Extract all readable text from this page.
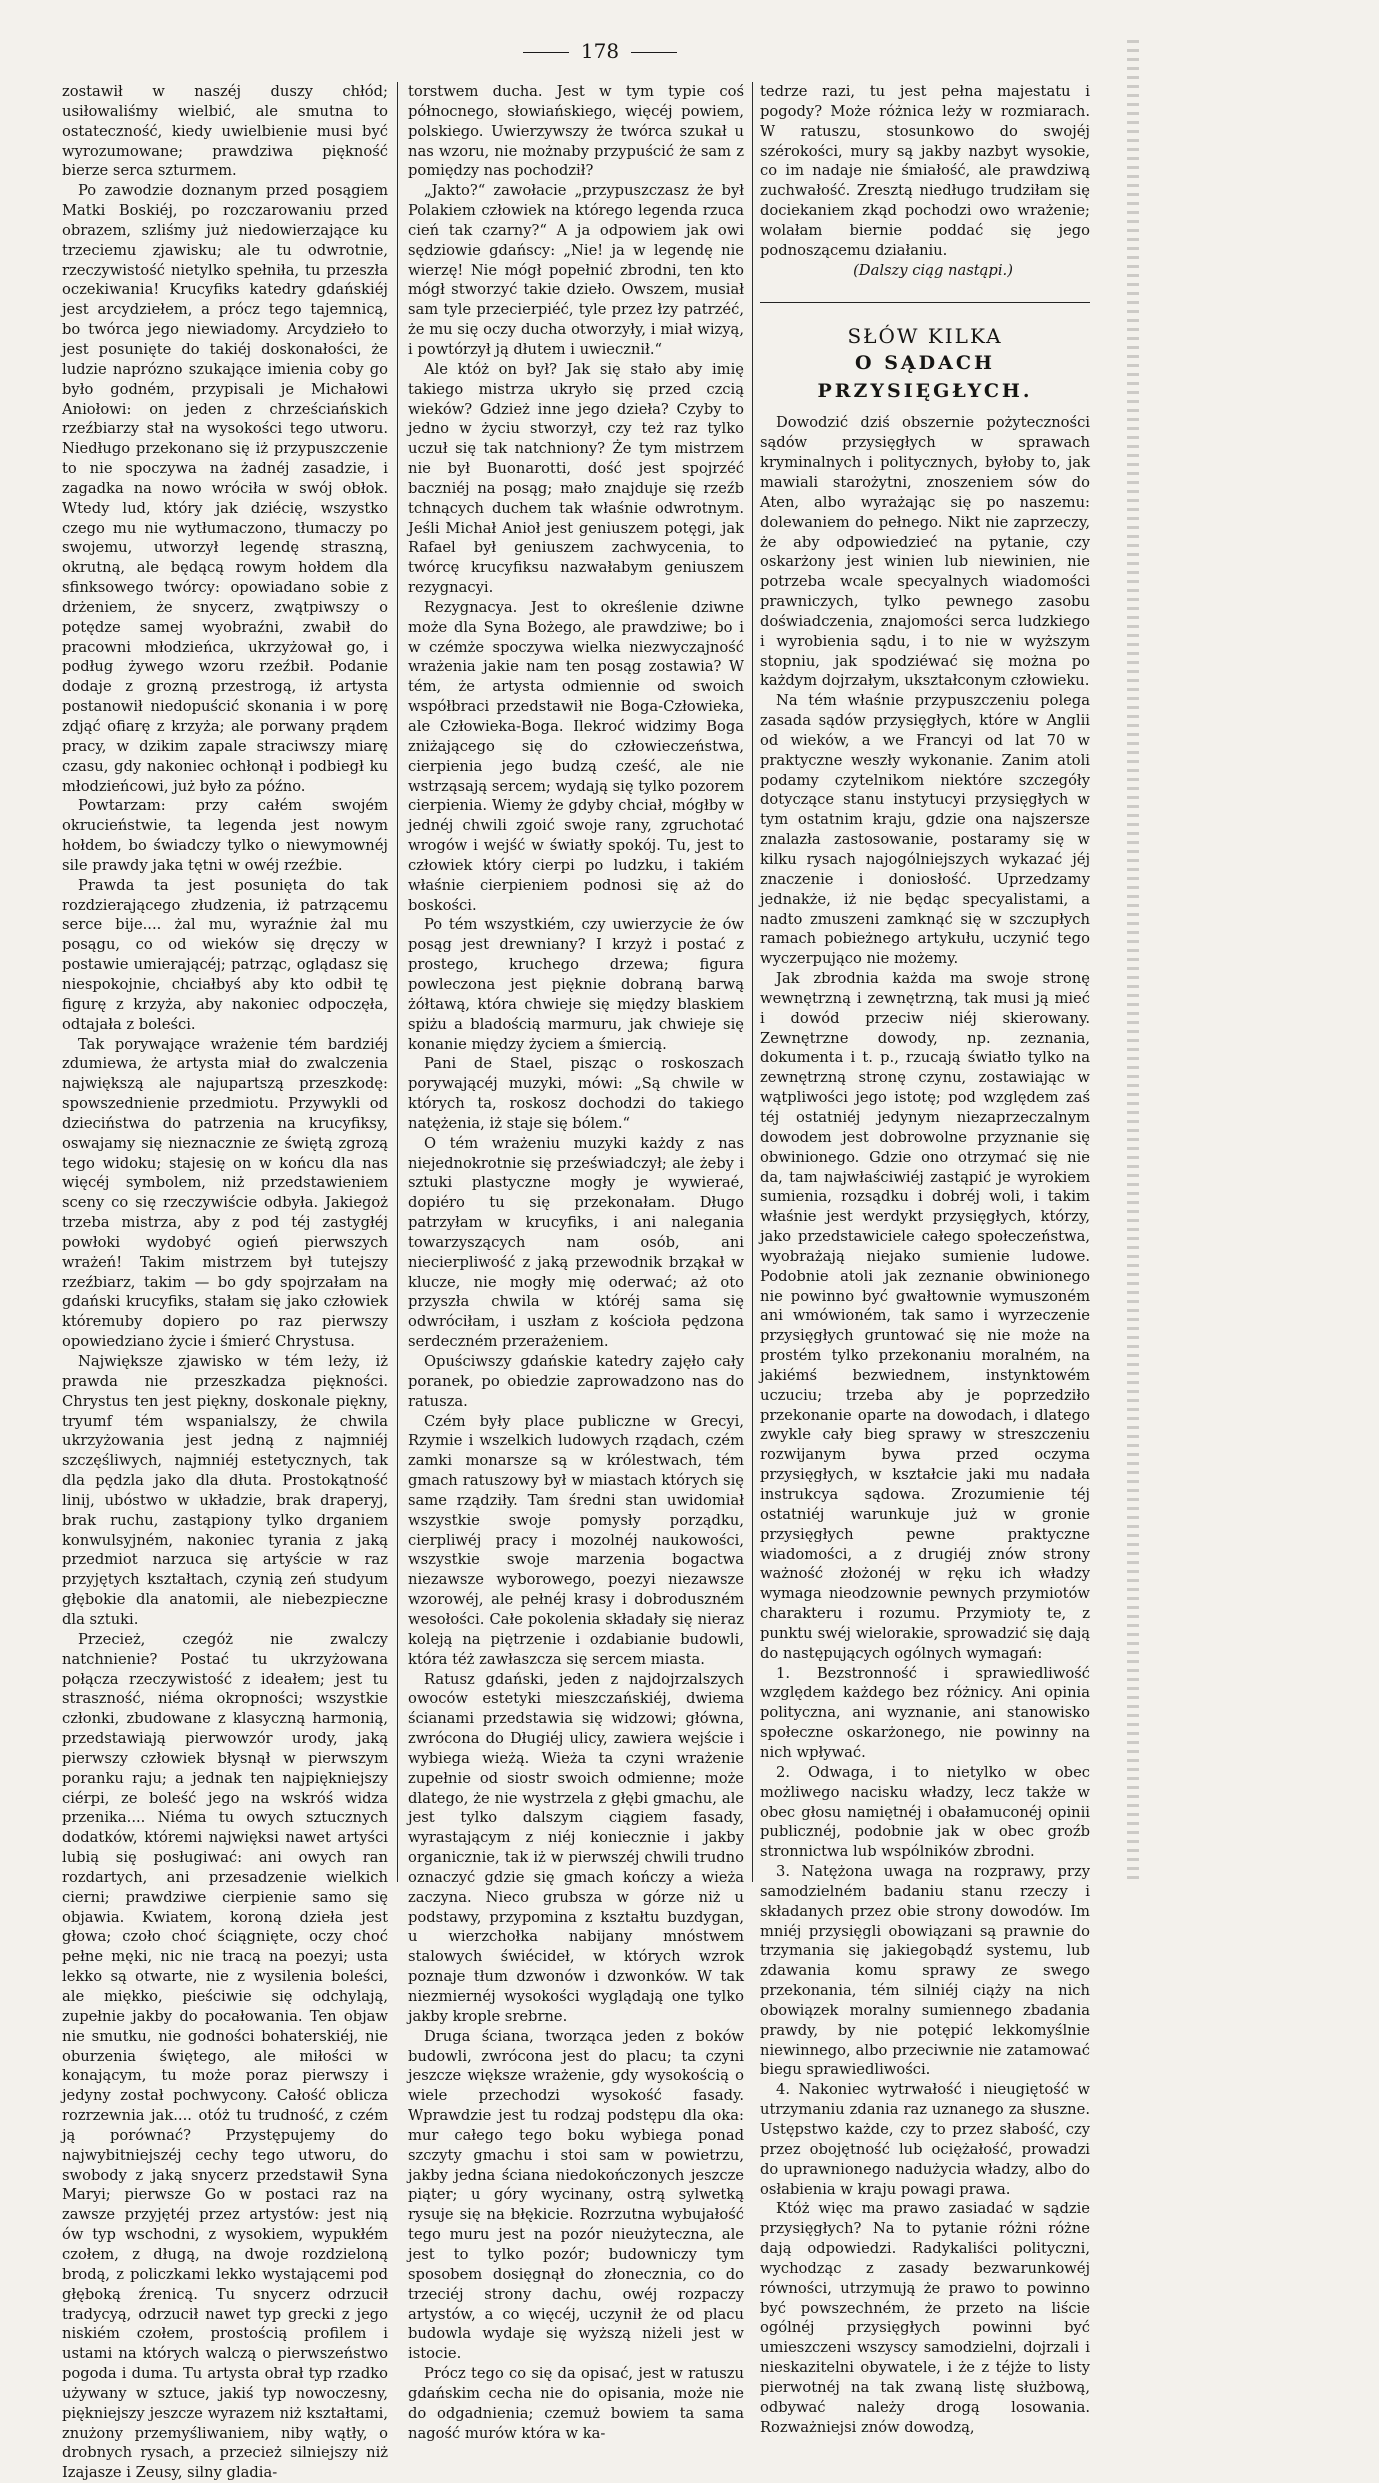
178

zostawił w naszéj duszy chłód; usiłowaliśmy wielbić, ale smutna to ostateczność, kiedy uwielbienie musi być wyrozumowane; prawdziwa piękność bierze serca szturmem.

Po zawodzie doznanym przed posągiem Matki Boskiéj, po rozczarowaniu przed obrazem, szliśmy już niedowierzające ku trzeciemu zjawisku; ale tu odwrotnie, rzeczywistość nietylko spełniła, tu przeszła oczekiwania! Krucyfiks katedry gdańskiéj jest arcydziełem, a prócz tego tajemnicą, bo twórca jego niewiadomy. Arcydzieło to jest posunięte do takiéj doskonałości, że ludzie naprózno szukające imienia coby go było godném, przypisali je Michałowi Aniołowi: on jeden z chrześciańskich rzeźbiarzy stał na wysokości tego utworu. Niedługo przekonano się iż przypuszczenie to nie spoczywa na żadnéj zasadzie, i zagadka na nowo wróciła w swój obłok. Wtedy lud, który jak dziécię, wszystko czego mu nie wytłumaczono, tłumaczy po swojemu, utworzył legendę straszną, okrutną, ale będącą rowym hołdem dla sfinksowego twórcy: opowiadano sobie z drżeniem, że snycerz, zwątpiwszy o potędze samej wyobraźni, zwabił do pracowni młodzieńca, ukrzyżował go, i podług żywego wzoru rzeźbił. Podanie dodaje z grozną przestrogą, iż artysta postanowił niedopuścić skonania i w porę zdjąć ofiarę z krzyża; ale porwany prądem pracy, w dzikim zapale straciwszy miarę czasu, gdy nakoniec ochłonął i podbiegł ku młodzieńcowi, już było za późno.

Powtarzam: przy całém swojém okrucieństwie, ta legenda jest nowym hołdem, bo świadczy tylko o niewymownéj sile prawdy jaka tętni w owéj rzeźbie.

Prawda ta jest posunięta do tak rozdzierającego złudzenia, iż patrzącemu serce bije.... żal mu, wyraźnie żal mu posągu, co od wieków się dręczy w postawie umierającéj; patrząc, oglądasz się niespokojnie, chciałbyś aby kto odbił tę figurę z krzyża, aby nakoniec odpoczęła, odtajała z boleści.

Tak porywające wrażenie tém bardziéj zdumiewa, że artysta miał do zwalczenia największą ale najupartszą przeszkodę: spowszednienie przedmiotu. Przywykli od dzieciństwa do patrzenia na krucyfiksy, oswajamy się nieznacznie ze świętą zgrozą tego widoku; stajesię on w końcu dla nas więcéj symbolem, niż przedstawieniem sceny co się rzeczywiście odbyła. Jakiegoż trzeba mistrza, aby z pod téj zastygłéj powłoki wydobyć ogień pierwszych wrażeń! Takim mistrzem był tutejszy rzeźbiarz, takim — bo gdy spojrzałam na gdański krucyfiks, stałam się jako człowiek któremuby dopiero po raz pierwszy opowiedziano życie i śmierć Chrystusa.

Największe zjawisko w tém leży, iż prawda nie przeszkadza piękności. Chrystus ten jest piękny, doskonale piękny, tryumf tém wspanialszy, że chwila ukrzyżowania jest jedną z najmniéj szczęśliwych, najmniéj estetycznych, tak dla pędzla jako dla dłuta. Prostokątność linij, ubóstwo w układzie, brak draperyj, brak ruchu, zastąpiony tylko drganiem konwulsyjném, nakoniec tyrania z jaką przedmiot narzuca się artyście w raz przyjętych kształtach, czynią zeń studyum głębokie dla anatomii, ale niebezpieczne dla sztuki.

Przecież, czegóż nie zwalczy natchnienie? Postać tu ukrzyżowana połącza rzeczywistość z ideałem; jest tu straszność, niéma okropności; wszystkie członki, zbudowane z klasyczną harmonią, przedstawiają pierwowzór urody, jaką pierwszy człowiek błysnął w pierwszym poranku raju; a jednak ten najpiękniejszy ciérpi, ze boleść jego na wskróś widza przenika.... Niéma tu owych sztucznych dodatków, któremi najwięksi nawet artyści lubią się posługiwać: ani owych ran rozdartych, ani przesadzenie wielkich cierni; prawdziwe cierpienie samo się objawia. Kwiatem, koroną dzieła jest głowa; czoło choć ściągnięte, oczy choć pełne męki, nic nie tracą na poezyi; usta lekko są otwarte, nie z wysilenia boleści, ale miękko, pieściwie się odchylają, zupełnie jakby do pocałowania. Ten objaw nie smutku, nie godności bohaterskiéj, nie oburzenia świętego, ale miłości w konającym, tu może poraz pierwszy i jedyny został pochwycony. Całość oblicza rozrzewnia jak.... otóż tu trudność, z czém ją porównać? Przystępujemy do najwybitniejszéj cechy tego utworu, do swobody z jaką snycerz przedstawił Syna Maryi; pierwsze Go w postaci raz na zawsze przyjętéj przez artystów: jest nią ów typ wschodni, z wysokiem, wypukłém czołem, z długą, na dwoje rozdzieloną brodą, z policzkami lekko wystającemi pod głęboką źrenicą. Tu snycerz odrzucił tradycyą, odrzucił nawet typ grecki z jego niskiém czołem, prostością profilem i ustami na których walczą o pierwszeństwo pogoda i duma. Tu artysta obrał typ rzadko używany w sztuce, jakiś typ nowoczesny, piękniejszy jeszcze wyrazem niż kształtami, znużony przemyśliwaniem, niby wątły, o drobnych rysach, a przecież silniejszy niż Izajasze i Zeusy, silny gladia-

torstwem ducha. Jest w tym typie coś północnego, słowiańskiego, więcéj powiem, polskiego. Uwierzywszy że twórca szukał u nas wzoru, nie możnaby przypuścić że sam z pomiędzy nas pochodził?

„Jakto?“ zawołacie „przypuszczasz że był Polakiem człowiek na którego legenda rzuca cień tak czarny?“ A ja odpowiem jak owi sędziowie gdańscy: „Nie! ja w legendę nie wierzę! Nie mógł popełnić zbrodni, ten kto mógł stworzyć takie dzieło. Owszem, musiał sam tyle przecierpiéć, tyle przez łzy patrzéć, że mu się oczy ducha otworzyły, i miał wizyą, i powtórzył ją dłutem i uwiecznił.“

Ale któż on był? Jak się stało aby imię takiego mistrza ukryło się przed czcią wieków? Gdzież inne jego dzieła? Czyby to jedno w życiu stworzył, czy też raz tylko uczuł się tak natchniony? Że tym mistrzem nie był Buonarotti, dość jest spojrzéć baczniéj na posąg; mało znajduje się rzeźb tchnących duchem tak właśnie odwrotnym. Jeśli Michał Anioł jest geniuszem potęgi, jak Rafael był geniuszem zachwycenia, to twórcę krucyfiksu nazwałabym geniuszem rezygnacyi.

Rezygnacya. Jest to określenie dziwne może dla Syna Bożego, ale prawdziwe; bo i w czémże spoczywa wielka niezwyczajność wrażenia jakie nam ten posąg zostawia? W tém, że artysta odmiennie od swoich współbraci przedstawił nie Boga-Człowieka, ale Człowieka-Boga. Ilekroć widzimy Boga zniżającego się do człowieczeństwa, cierpienia jego budzą cześć, ale nie wstrząsają sercem; wydają się tylko pozorem cierpienia. Wiemy że gdyby chciał, mógłby w jednéj chwili zgoić swoje rany, zgruchotać wrogów i wejść w światły spokój. Tu, jest to człowiek który cierpi po ludzku, i takiém właśnie cierpieniem podnosi się aż do boskości.

Po tém wszystkiém, czy uwierzycie że ów posąg jest drewniany? I krzyż i postać z prostego, kruchego drzewa; figura powleczona jest pięknie dobraną barwą żółtawą, która chwieje się między blaskiem spiżu a bladością marmuru, jak chwieje się konanie między życiem a śmiercią.

Pani de Stael, pisząc o roskoszach porywającéj muzyki, mówi: „Są chwile w których ta, roskosz dochodzi do takiego natężenia, iż staje się bólem.“

O tém wrażeniu muzyki każdy z nas niejednokrotnie się przeświadczył; ale żeby i sztuki plastyczne mogły je wywieraé, dopiéro tu się przekonałam. Długo patrzyłam w krucyfiks, i ani nalegania towarzyszących nam osób, ani niecierpliwość z jaką przewodnik brząkał w klucze, nie mogły mię oderwać; aż oto przyszła chwila w któréj sama się odwróciłam, i uszłam z kościoła pędzona serdeczném przerażeniem.

Opuściwszy gdańskie katedry zajęło cały poranek, po obiedzie zaprowadzono nas do ratusza.

Czém były place publiczne w Grecyi, Rzymie i wszelkich ludowych rządach, czém zamki monarsze są w królestwach, tém gmach ratuszowy był w miastach których się same rządziły. Tam średni stan uwidomiał wszystkie swoje pomysły porządku, cierpliwéj pracy i mozolnéj naukowości, wszystkie swoje marzenia bogactwa niezawsze wyborowego, poezyi niezawsze wzorowéj, ale pełnéj krasy i dobroduszném wesołości. Całe pokolenia składały się nieraz koleją na piętrzenie i ozdabianie budowli, która téż zawłaszcza się sercem miasta.

Ratusz gdański, jeden z najdojrzalszych owoców estetyki mieszczańskiéj, dwiema ścianami przedstawia się widzowi; główna, zwrócona do Długiéj ulicy, zawiera wejście i wybiega wieżą. Wieża ta czyni wrażenie zupełnie od siostr swoich odmienne; może dlatego, że nie wystrzela z głębi gmachu, ale jest tylko dalszym ciągiem fasady, wyrastającym z niéj koniecznie i jakby organicznie, tak iż w pierwszéj chwili trudno oznaczyć gdzie się gmach kończy a wieża zaczyna. Nieco grubsza w górze niż u podstawy, przypomina z kształtu buzdygan, u wierzchołka nabijany mnóstwem stalowych świécideł, w których wzrok poznaje tłum dzwonów i dzwonków. W tak niezmiernéj wysokości wyglądają one tylko jakby krople srebrne.

Druga ściana, tworząca jeden z boków budowli, zwrócona jest do placu; ta czyni jeszcze większe wrażenie, gdy wysokością o wiele przechodzi wysokość fasady. Wprawdzie jest tu rodzaj podstępu dla oka: mur całego tego boku wybiega ponad szczyty gmachu i stoi sam w powietrzu, jakby jedna ściana niedokończonych jeszcze piąter; u góry wycinany, ostrą sylwetką rysuje się na błękicie. Rozrzutna wybujałość tego muru jest na pozór nieużyteczna, ale jest to tylko pozór; budowniczy tym sposobem dosięgnął do złonecznia, co do trzeciéj strony dachu, owéj rozpaczy artystów, a co więcéj, uczynił że od placu budowla wydaje się wyższą niżeli jest w istocie.

Prócz tego co się da opisać, jest w ratuszu gdańskim cecha nie do opisania, może nie do odgadnienia; czemuż bowiem ta sama nagość murów która w ka-

tedrze razi, tu jest pełna majestatu i pogody? Może różnica leży w rozmiarach. W ratuszu, stosunkowo do swojéj szérokości, mury są jakby nazbyt wysokie, co im nadaje nie śmiałość, ale prawdziwą zuchwałość. Zresztą niedługo trudziłam się dociekaniem zkąd pochodzi owo wrażenie; wolałam biernie poddać się jego podnoszącemu działaniu.

(Dalszy ciąg nastąpi.)

SŁÓW KILKA
O SĄDACH PRZYSIĘGŁYCH.

Dowodzić dziś obszernie pożyteczności sądów przysięgłych w sprawach kryminalnych i politycznych, byłoby to, jak mawiali starożytni, znoszeniem sów do Aten, albo wyrażając się po naszemu: dolewaniem do pełnego. Nikt nie zaprzeczy, że aby odpowiedzieć na pytanie, czy oskarżony jest winien lub niewinien, nie potrzeba wcale specyalnych wiadomości prawniczych, tylko pewnego zasobu doświadczenia, znajomości serca ludzkiego i wyrobienia sądu, i to nie w wyższym stopniu, jak spodziéwać się można po każdym dojrzałym, ukształconym człowieku.

Na tém właśnie przypuszczeniu polega zasada sądów przysięgłych, które w Anglii od wieków, a we Francyi od lat 70 w praktyczne weszły wykonanie. Zanim atoli podamy czytelnikom niektóre szczegóły dotyczące stanu instytucyi przysięgłych w tym ostatnim kraju, gdzie ona najszersze znalazła zastosowanie, postaramy się w kilku rysach najogólniejszych wykazać jéj znaczenie i doniosłość. Uprzedzamy jednakże, iż nie będąc specyalistami, a nadto zmuszeni zamknąć się w szczupłych ramach pobieżnego artykułu, uczynić tego wyczerpująco nie możemy.

Jak zbrodnia każda ma swoje stronę wewnętrzną i zewnętrzną, tak musi ją mieć i dowód przeciw niéj skierowany. Zewnętrzne dowody, np. zeznania, dokumenta i t. p., rzucają światło tylko na zewnętrzną stronę czynu, zostawiając w wątpliwości jego istotę; pod względem zaś téj ostatniéj jedynym niezaprzeczalnym dowodem jest dobrowolne przyznanie się obwinionego. Gdzie ono otrzymać się nie da, tam najwłaściwiéj zastąpić je wyrokiem sumienia, rozsądku i dobréj woli, i takim właśnie jest werdykt przysięgłych, którzy, jako przedstawiciele całego społeczeństwa, wyobrażają niejako sumienie ludowe. Podobnie atoli jak zeznanie obwinionego nie powinno być gwałtownie wymuszoném ani wmówioném, tak samo i wyrzeczenie przysięgłych gruntować się nie może na prostém tylko przekonaniu moralném, na jakiémś bezwiednem, instynktowém uczuciu; trzeba aby je poprzedziło przekonanie oparte na dowodach, i dlatego zwykle cały bieg sprawy w streszczeniu rozwijanym bywa przed oczyma przysięgłych, w kształcie jaki mu nadała instrukcya sądowa. Zrozumienie téj ostatniéj warunkuje już w gronie przysięgłych pewne praktyczne wiadomości, a z drugiéj znów strony ważność złożonéj w ręku ich władzy wymaga nieodzownie pewnych przymiotów charakteru i rozumu. Przymioty te, z punktu swéj wielorakie, sprowadzić się dają do następujących ogólnych wymagań:

1. Bezstronność i sprawiedliwość względem każdego bez różnicy. Ani opinia polityczna, ani wyznanie, ani stanowisko społeczne oskarżonego, nie powinny na nich wpływać.

2. Odwaga, i to nietylko w obec możliwego nacisku władzy, lecz także w obec głosu namiętnéj i obałamuconéj opinii publicznéj, podobnie jak w obec groźb stronnictwa lub wspólników zbrodni.

3. Natężona uwaga na rozprawy, przy samodzielném badaniu stanu rzeczy i składanych przez obie strony dowodów. Im mniéj przysięgli obowiązani są prawnie do trzymania się jakiegobądź systemu, lub zdawania komu sprawy ze swego przekonania, tém silniéj ciąży na nich obowiązek moralny sumiennego zbadania prawdy, by nie potępić lekkomyślnie niewinnego, albo przeciwnie nie zatamować biegu sprawiedliwości.

4. Nakoniec wytrwałość i nieugiętość w utrzymaniu zdania raz uznanego za słuszne. Ustępstwo każde, czy to przez słabość, czy przez obojętność lub ociężałość, prowadzi do uprawnionego nadużycia władzy, albo do osłabienia w kraju powagi prawa.

Któż więc ma prawo zasiadać w sądzie przysięgłych? Na to pytanie różni różne dają odpowiedzi. Radykaliści polityczni, wychodząc z zasady bezwarunkowéj równości, utrzymują że prawo to powinno być powszechném, że przeto na liście ogólnéj przysięgłych powinni być umieszczeni wszyscy samodzielni, dojrzali i nieskazitelni obywatele, i że z téjże to listy pierwotnéj na tak zwaną listę służbową, odbywać należy drogą losowania. Rozważniejsi znów dowodzą,
